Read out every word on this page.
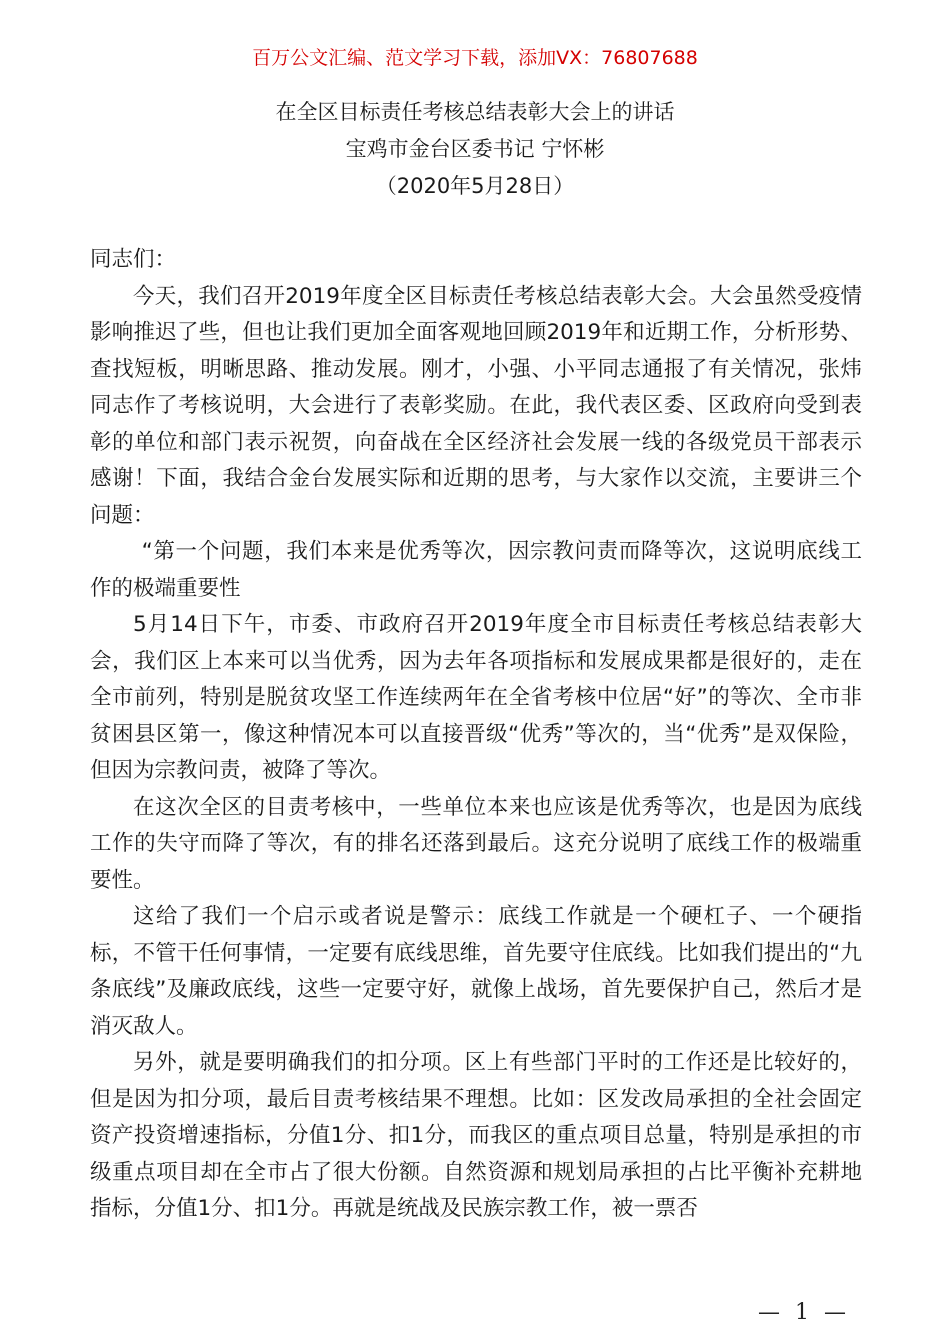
百万公文汇编、范文学习下载，添加VX：76807688
在全区目标责任考核总结表彰大会上的讲话
宝鸡市金台区委书记 宁怀彬
（2020年5月28日）

同志们：

今天，我们召开2019年度全区目标责任考核总结表彰大会。大会虽然受疫情影响推迟了些，但也让我们更加全面客观地回顾2019年和近期工作，分析形势、查找短板，明晰思路、推动发展。刚才，小强、小平同志通报了有关情况，张炜同志作了考核说明，大会进行了表彰奖励。在此，我代表区委、区政府向受到表彰的单位和部门表示祝贺，向奋战在全区经济社会发展一线的各级党员干部表示感谢！下面，我结合金台发展实际和近期的思考，与大家作以交流，主要讲三个问题：

“第一个问题，我们本来是优秀等次，因宗教问责而降等次，这说明底线工作的极端重要性

5月14日下午，市委、市政府召开2019年度全市目标责任考核总结表彰大会，我们区上本来可以当优秀，因为去年各项指标和发展成果都是很好的，走在全市前列，特别是脱贫攻坚工作连续两年在全省考核中位居“好”的等次、全市非贫困县区第一，像这种情况本可以直接晋级“优秀”等次的，当“优秀”是双保险，但因为宗教问责，被降了等次。

在这次全区的目责考核中，一些单位本来也应该是优秀等次，也是因为底线工作的失守而降了等次，有的排名还落到最后。这充分说明了底线工作的极端重要性。

这给了我们一个启示或者说是警示：底线工作就是一个硬杠子、一个硬指标，不管干任何事情，一定要有底线思维，首先要守住底线。比如我们提出的“九条底线”及廉政底线，这些一定要守好，就像上战场，首先要保护自己，然后才是消灭敌人。

另外，就是要明确我们的扣分项。区上有些部门平时的工作还是比较好的，但是因为扣分项，最后目责考核结果不理想。比如：区发改局承担的全社会固定资产投资增速指标，分值1分、扣1分，而我区的重点项目总量，特别是承担的市级重点项目却在全市占了很大份额。自然资源和规划局承担的占比平衡补充耕地指标，分值1分、扣1分。再就是统战及民族宗教工作，被一票否

— 1 —
